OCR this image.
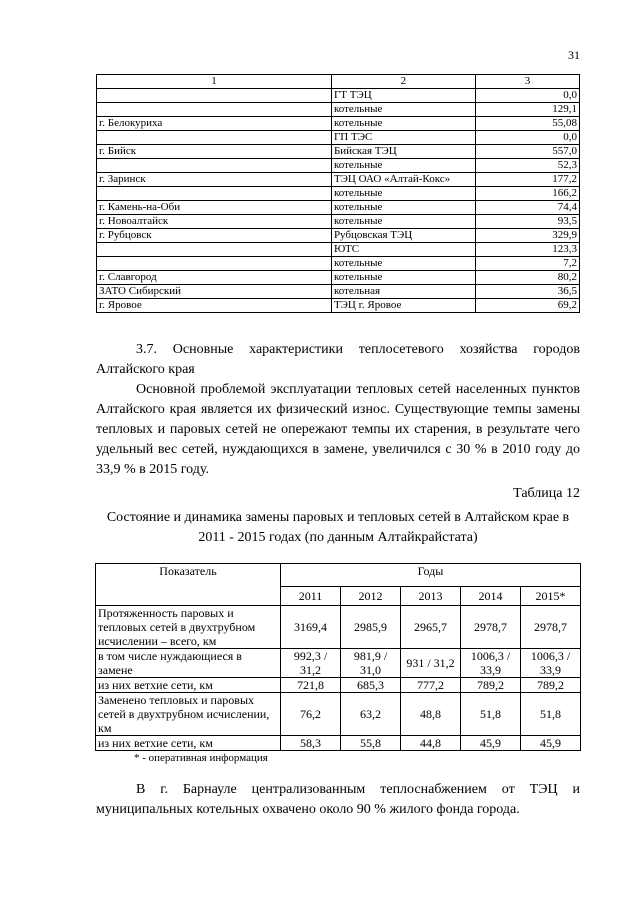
31
1	2	3
	ГТ ТЭЦ	0,0
	котельные	129,1
г. Белокуриха	котельные	55,08
	ГП ТЭС	0,0
г. Бийск	Бийская ТЭЦ	557,0
	котельные	52,3
г. Заринск	ТЭЦ ОАО «Алтай-Кокс»	177,2
	котельные	166,2
г. Камень-на-Оби	котельные	74,4
г. Новоалтайск	котельные	93,5
г. Рубцовск	Рубцовская ТЭЦ	329,9
	ЮТС	123,3
	котельные	7,2
г. Славгород	котельные	80,2
ЗАТО Сибирский	котельная	36,5
г. Яровое	ТЭЦ г. Яровое	69,2
3.7. Основные характеристики теплосетевого хозяйства городов Алтайского края
Основной проблемой эксплуатации тепловых сетей населенных пунктов Алтайского края является их физический износ. Существующие темпы замены тепловых и паровых сетей не опережают темпы их старения, в результате чего удельный вес сетей, нуждающихся в замене, увеличился с 30 % в 2010 году до 33,9 % в 2015 году.
Таблица 12
Состояние и динамика замены паровых и тепловых сетей в Алтайском крае в 2011 - 2015 годах (по данным Алтайкрайстата)
Показатель	Годы				
	2011	2012	2013	2014	2015*
Протяженность паровых и тепловых сетей в двухтрубном исчислении – всего, км	3169,4	2985,9	2965,7	2978,7	2978,7
в том числе нуждающиеся в замене	992,3 / 31,2	981,9 / 31,0	931 / 31,2	1006,3 / 33,9	1006,3 / 33,9
из них ветхие сети, км	721,8	685,3	777,2	789,2	789,2
Заменено тепловых и паровых сетей в двухтрубном исчислении, км	76,2	63,2	48,8	51,8	51,8
из них ветхие сети, км	58,3	55,8	44,8	45,9	45,9
* - оперативная информация
В г. Барнауле централизованным теплоснабжением от ТЭЦ и муниципальных котельных охвачено около 90 % жилого фонда города.
